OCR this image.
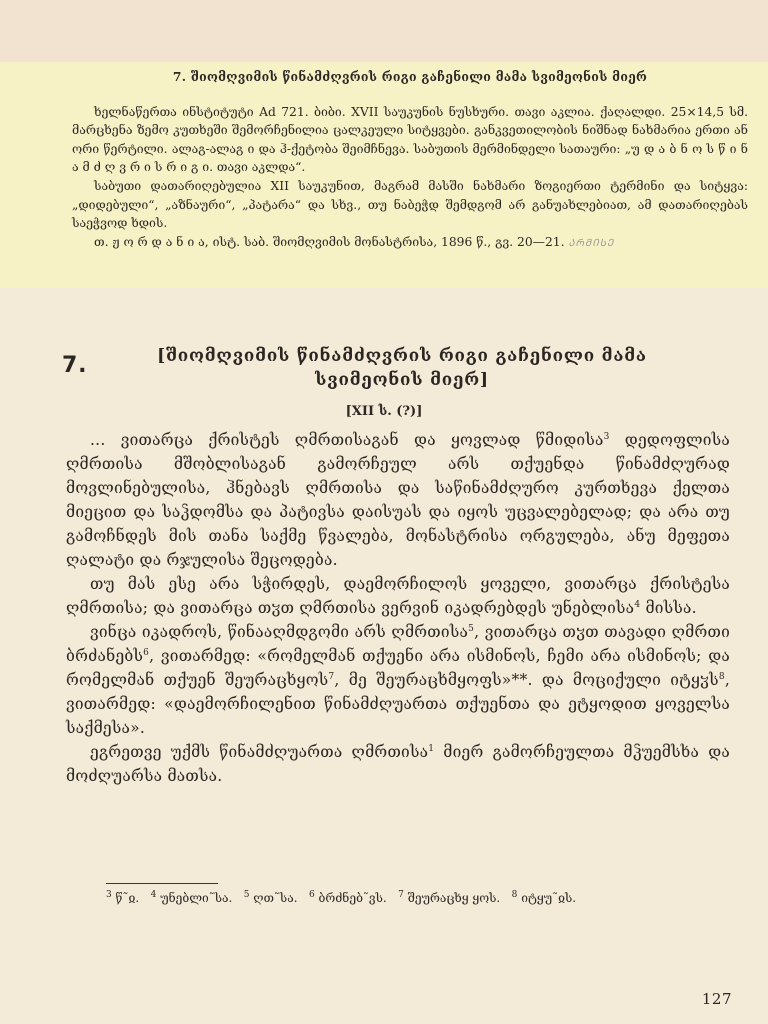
7. შიომღვიმის წინამძღვრის რიგი გაჩენილი მამა სვიმეონის მიერ

ხელნაწერთა ინსტიტუტი Ad 721. ბიბი. XVII საუკუნის ნუსხური. თავი აკლია. ქაღალდი. 25×14,5 სმ. მარცხენა ზემო კუთხეში შემორჩენილია ცალკეული სიტყვები. განკვეთილობის ნიშნად ნახმარია ერთი ან ორი წერტილი. ალაგ-ალაგ ი და ჰ-ქეტობა შეიმჩნევა. საბუთის მერმინდელი სათაური: „უ დ ა ბ ნ ო ს წ ი ნ ა მ ძ ღ ვ რ ი ს რ ი გ ი. თავი აკლდა“.

საბუთი დათარიღებულია XII საუკუნით, მაგრამ მასში ნახმარი ზოგიერთი ტერმინი და სიტყვა: „დიდებული“, „აზნაური“, „პატარა“ და სხვ., თუ ნაბეჭდ შემდგომ არ განუახლებიათ, ამ დათარიღებას საეჭვოდ ხდის.

თ. ჟ ო რ დ ა ნ ი ა, ისტ. საბ. შიომღვიმის მონასტრისა, 1896 წ., გვ. 20—21. ᲐᲠᲛᲘᲡᲔ

7.	[შიომღვიმის წინამძღვრის რიგი გაჩენილი მამა სვიმეონის მიერ]
[XII ს. (?)]

... ვითარცა ქრისტეს ღმრთისაგან და ყოვლად წმიდისა$^3$ დედოფლისა ღმრთისა მშობლისაგან გამორჩეულ არს თქუენდა წინამძღურად მოვლინებულისა, ჰნებავს ღმრთისა და საწინამძღურო კურთხევა ქელთა მიეცით და საჴდომსა და პატივსა დაისუას და იყოს უცვალებელად; და არა თუ გამოჩნდეს მის თანა საქმე წვალება, მონასტრისა ორგულება, ანუ მეფეთა ღალატი და რჯულისა შეცოდება.

თუ მას ესე არა სჭირდეს, დაემორჩილოს ყოველი, ვითარცა ქრისტესა ღმრთისა; და ვითარცა თჳთ ღმრთისა ვერვინ იკადრებდეს უნებლისა$^4$ მისსა.

ვინცა იკადროს, წინააღმდგომი არს ღმრთისა$^5$, ვითარცა თჳთ თავადი ღმრთი ბრძანებს$^6$, ვითარმედ: «რომელმან თქუენი არა ისმინოს, ჩემი არა ისმინოს; და რომელმან თქუენ შეურაცხყოს$^7$, მე შეურაცხმყოფს»**. და მოციქული იტყჳს$^8$, ვითარმედ: «დაემორჩილენით წინამძღუართა თქუენთა და ეტყოდით ყოველსა საქმესა».

ეგრეთვე უქმს წინამძღუართა ღმრთისა$^1$ მიერ გამორჩეულთა მჴუემსხა და მოძღუარსა მათსა.

$^3$ წ˜ჲ. $^4$ უნებლი˜სა. $^5$ ღთ˜სა. $^6$ ბრძნებ˜ვს. $^7$ შეურაცხყ ყოს. $^8$ იტყუ˜ჲს.
127
